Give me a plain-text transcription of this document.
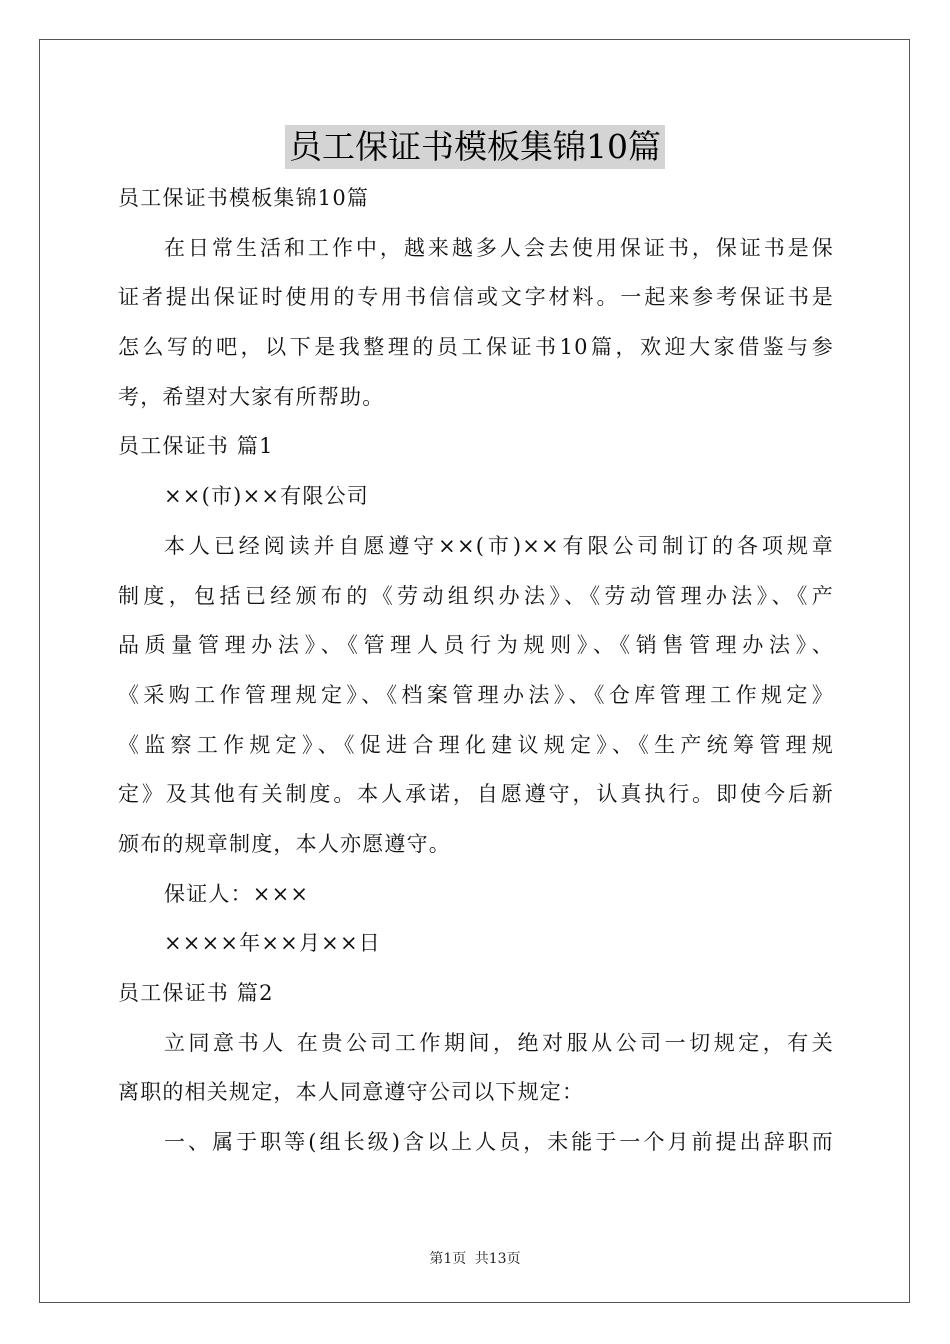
员工保证书模板集锦10篇
员工保证书模板集锦10篇
在日常生活和工作中，越来越多人会去使用保证书，保证书是保
证者提出保证时使用的专用书信信或文字材料。一起来参考保证书是
怎么写的吧，以下是我整理的员工保证书10篇，欢迎大家借鉴与参
考，希望对大家有所帮助。
员工保证书 篇1
××(市)××有限公司
本人已经阅读并自愿遵守××(市)××有限公司制订的各项规章
制度，包括已经颁布的《劳动组织办法》、《劳动管理办法》、《产
品质量管理办法》、《管理人员行为规则》、《销售管理办法》、
《采购工作管理规定》、《档案管理办法》、《仓库管理工作规定》
《监察工作规定》、《促进合理化建议规定》、《生产统筹管理规
定》及其他有关制度。本人承诺，自愿遵守，认真执行。即使今后新
颁布的规章制度，本人亦愿遵守。
保证人：×××
××××年××月××日
员工保证书 篇2
立同意书人 在贵公司工作期间，绝对服从公司一切规定，有关
离职的相关规定，本人同意遵守公司以下规定：
一、属于职等(组长级)含以上人员，未能于一个月前提出辞职而
第1页 共13页
